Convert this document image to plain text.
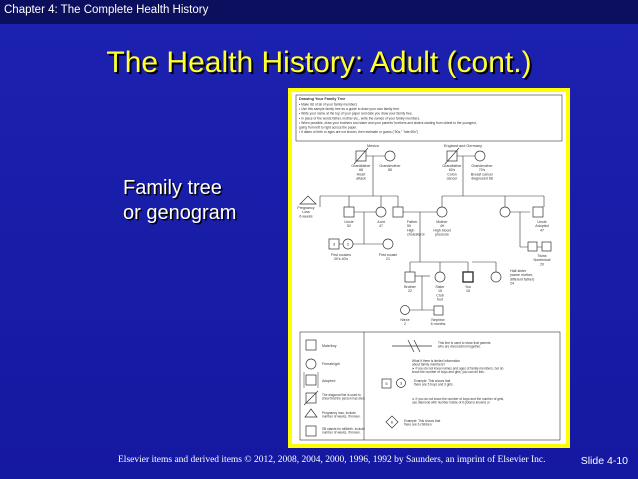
Chapter 4: The Complete Health History
The Health History: Adult (cont.)
Family tree
or genogram
Drawing Your Family Tree
• Make list of all of your family members
• Use this sample family tree as a guide to draw your own family tree.
• Write your name at the top of your paper and date you draw your family tree.
• In place of the words father, mother etc., write the names of your family members.
• When possible, draw your brothers and sister and your parents' brothers and sisters starting from oldest to the youngest,
going from left to right across the paper.
• If dates of birth or ages are not known, then estimate or guess ("50s," "late 60s")
Mexico	England and Germany
Grandfather 68 Heart attack
Grandmother 85
Grandfather 60's Colon cancer
Grandmother 70's Breast cancer diagnosed 68
Pregnancy Loss 6 weeks
Uncle 52
Aunt 47
Father 50 High cholesterol
Mother 49 High blood pressure
Uncle Adopted 47
First cousins 30's-40's
First cousin 21
Twins Nontenical 20
Brother 22
Sister 15 Club foot
You 15
Half-sister (same mother, different father) 24
Niece 2
Nephew 6 months
3	2
5	3
6
Male/boy
Female/girl
Adopted
The diagonal line is used to show that the person has died.
Pregnancy loss. Include number of weeks, if known.
SB stands for stillbirth. Include number of weeks, if known.
This line is used to show that parents who are divorced/not together.
What if there is limited information about family members? ➤ If you do not know names and ages of family members, but do know the number of boys and girls, you can do this:
Example: This shows that there are 5 boys and 3 girls.
➤ If you do not know the number of boys and the number of girls, use diamond with number inside of it (total is known) or
Example: This shows that there are 6 children.
Elsevier items and derived items © 2012, 2008, 2004, 2000, 1996, 1992 by Saunders, an imprint of Elsevier Inc.	Slide 4-10
